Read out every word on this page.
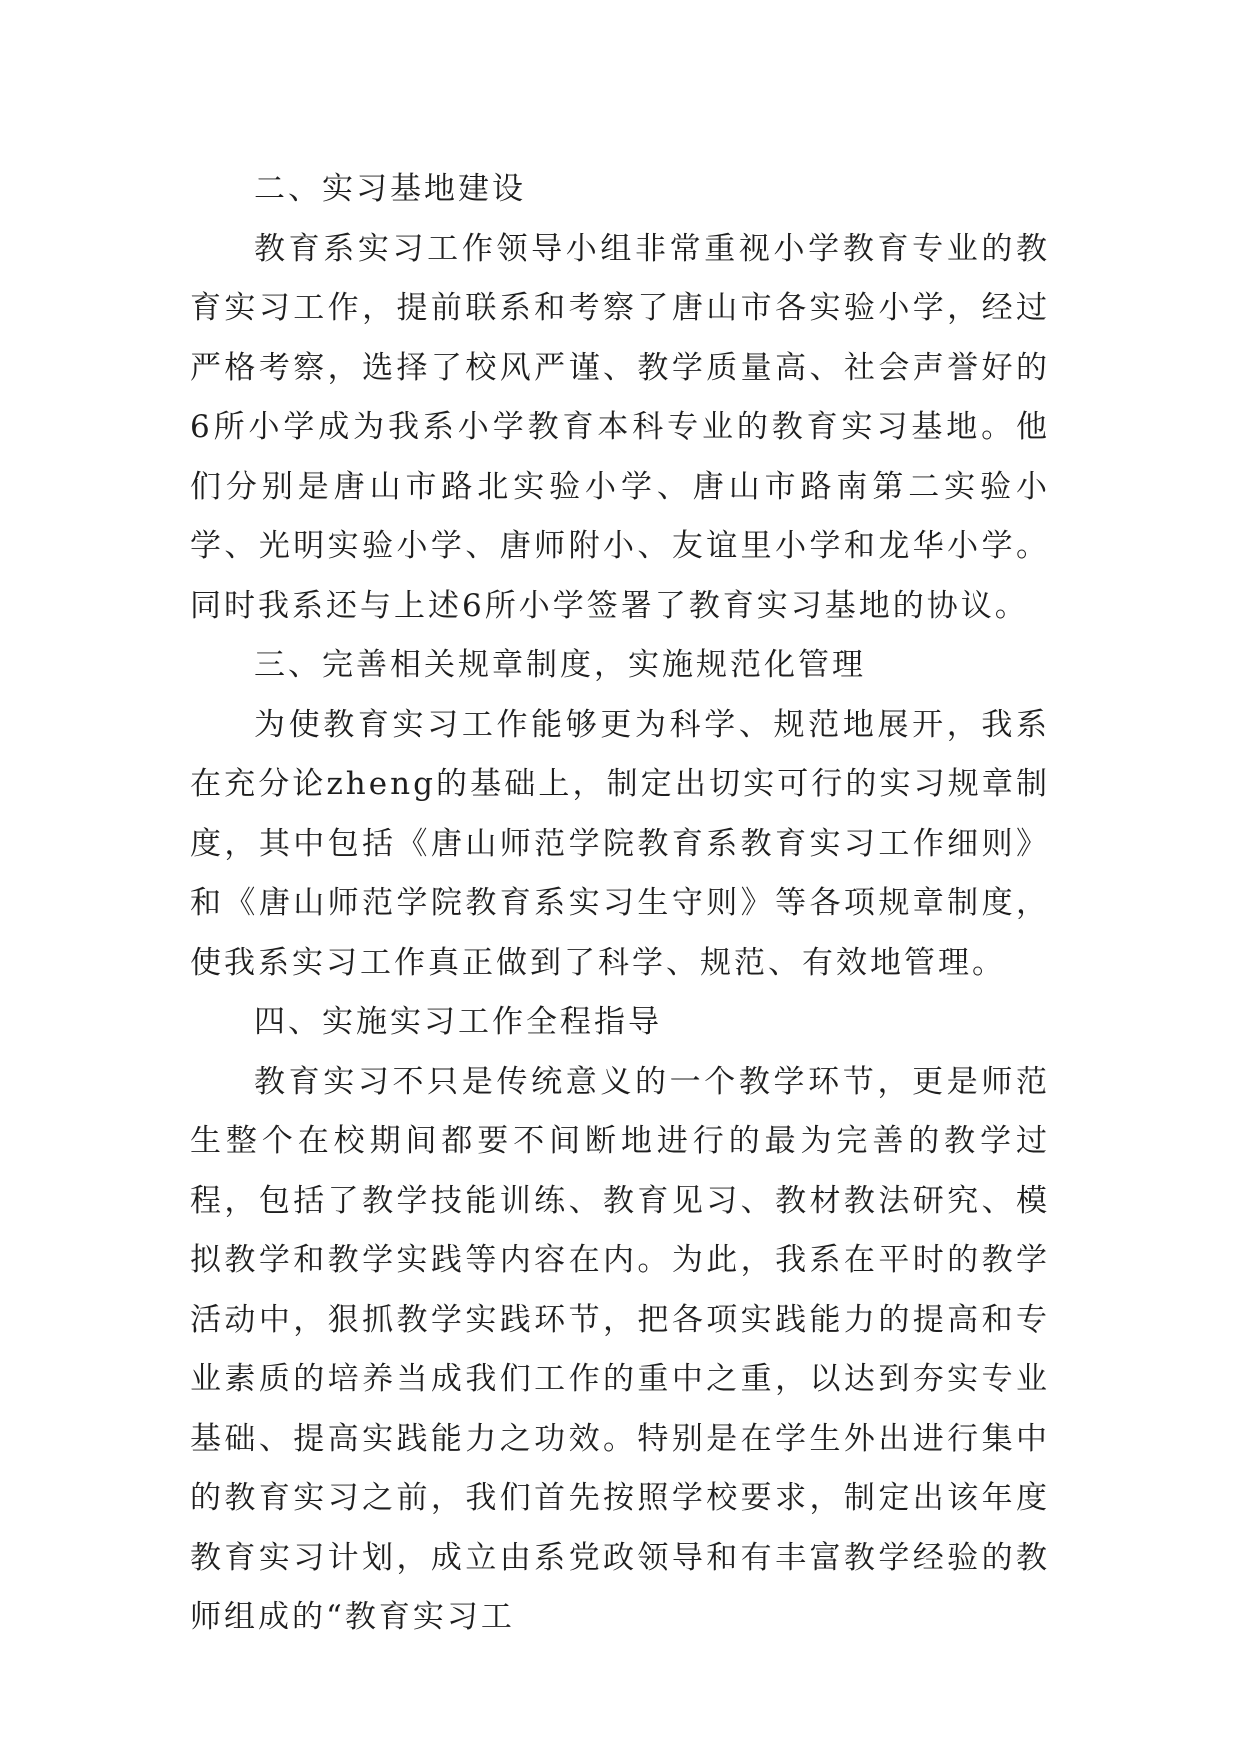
二、实习基地建设

教育系实习工作领导小组非常重视小学教育专业的教育实习工作，提前联系和考察了唐山市各实验小学，经过严格考察，选择了校风严谨、教学质量高、社会声誉好的6所小学成为我系小学教育本科专业的教育实习基地。他们分别是唐山市路北实验小学、唐山市路南第二实验小学、光明实验小学、唐师附小、友谊里小学和龙华小学。同时我系还与上述6所小学签署了教育实习基地的协议。

三、完善相关规章制度，实施规范化管理

为使教育实习工作能够更为科学、规范地展开，我系在充分论zheng的基础上，制定出切实可行的实习规章制度，其中包括《唐山师范学院教育系教育实习工作细则》和《唐山师范学院教育系实习生守则》等各项规章制度，使我系实习工作真正做到了科学、规范、有效地管理。

四、实施实习工作全程指导

教育实习不只是传统意义的一个教学环节，更是师范生整个在校期间都要不间断地进行的最为完善的教学过程，包括了教学技能训练、教育见习、教材教法研究、模拟教学和教学实践等内容在内。为此，我系在平时的教学活动中，狠抓教学实践环节，把各项实践能力的提高和专业素质的培养当成我们工作的重中之重，以达到夯实专业基础、提高实践能力之功效。特别是在学生外出进行集中的教育实习之前，我们首先按照学校要求，制定出该年度教育实习计划，成立由系党政领导和有丰富教学经验的教师组成的“教育实习工
